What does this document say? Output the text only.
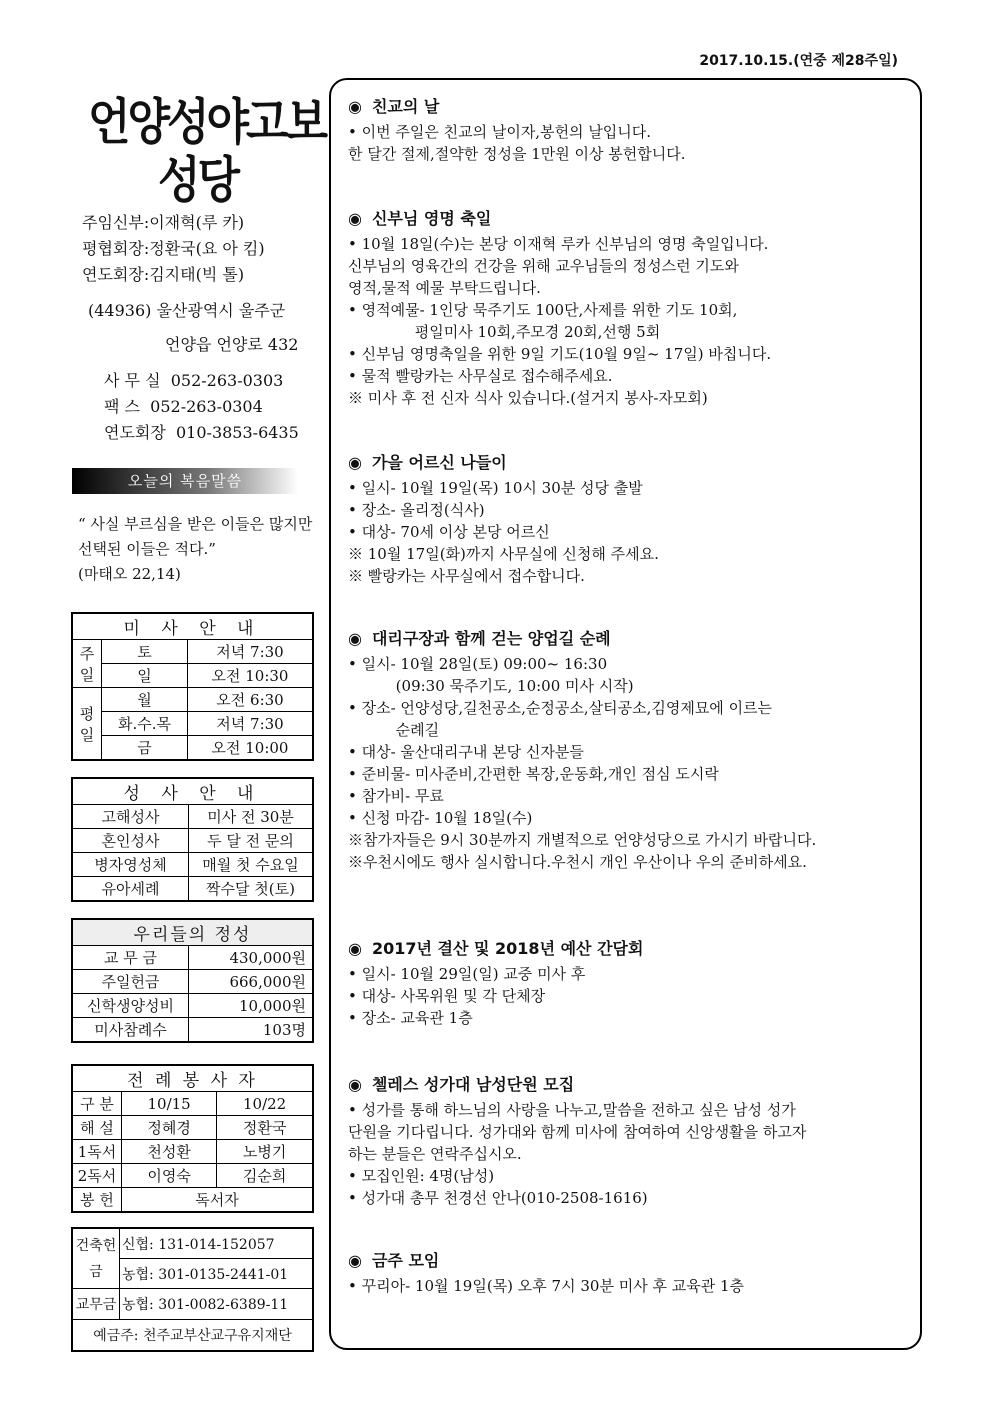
2017.10.15.(연중 제28주일)
언양성야고보
성당
주임신부:이재혁(루 카)
평협회장:정환국(요 아 킴)
연도회장:김지태(빅 톨)
(44936) 울산광역시 울주군
언양읍 언양로 432
사 무 실 052-263-0303
팩 스 052-263-0304
연도회장 010-3853-6435
오늘의 복음말씀
“ 사실 부르심을 받은 이들은 많지만 선택된 이들은 적다.”
(마태오 22,14)
미 사 안 내		
주일	토	저녁 7:30
	일	오전 10:30
평일	월	오전 6:30
	화.수.목	저녁 7:30
	금	오전 10:00
성 사 안 내	
고해성사	미사 전 30분
혼인성사	두 달 전 문의
병자영성체	매월 첫 수요일
유아세례	짝수달 첫(토)
우리들의 정성	
교 무 금	430,000원
주일헌금	666,000원
신학생양성비	10,000원
미사참례수	103명
전 례 봉 사 자		
구 분	10/15	10/22
해 설	정혜경	정환국
1독서	천성환	노병기
2독서	이영숙	김순희
봉 헌	독서자	
건축헌금	신협: 131-014-152057
	농협: 301-0135-2441-01
교무금	농협: 301-0082-6389-11
예금주: 천주교부산교구유지재단	
◉ 친교의 날
• 이번 주일은 친교의 날이자,봉헌의 날입니다.
한 달간 절제,절약한 정성을 1만원 이상 봉헌합니다.
◉ 신부님 영명 축일
• 10월 18일(수)는 본당 이재혁 루카 신부님의 영명 축일입니다.
신부님의 영육간의 건강을 위해 교우님들의 정성스런 기도와
영적,물적 예물 부탁드립니다.
• 영적예물- 1인당 묵주기도 100단,사제를 위한 기도 10회,
평일미사 10회,주모경 20회,선행 5회
• 신부님 영명축일을 위한 9일 기도(10월 9일~ 17일) 바칩니다.
• 물적 빨랑카는 사무실로 접수해주세요.
※ 미사 후 전 신자 식사 있습니다.(설거지 봉사-자모회)
◉ 가을 어르신 나들이
• 일시- 10월 19일(목) 10시 30분 성당 출발
• 장소- 올리정(식사)
• 대상- 70세 이상 본당 어르신
※ 10월 17일(화)까지 사무실에 신청해 주세요.
※ 빨랑카는 사무실에서 접수합니다.
◉ 대리구장과 함께 걷는 양업길 순례
• 일시- 10월 28일(토) 09:00~ 16:30
(09:30 묵주기도, 10:00 미사 시작)
• 장소- 언양성당,길천공소,순정공소,살티공소,김영제묘에 이르는
순례길
• 대상- 울산대리구내 본당 신자분들
• 준비물- 미사준비,간편한 복장,운동화,개인 점심 도시락
• 참가비- 무료
• 신청 마감- 10월 18일(수)
※참가자들은 9시 30분까지 개별적으로 언양성당으로 가시기 바랍니다.
※우천시에도 행사 실시합니다.우천시 개인 우산이나 우의 준비하세요.
◉ 2017년 결산 및 2018년 예산 간담회
• 일시- 10월 29일(일) 교중 미사 후
• 대상- 사목위원 및 각 단체장
• 장소- 교육관 1층
◉ 첼레스 성가대 남성단원 모집
• 성가를 통해 하느님의 사랑을 나누고,말씀을 전하고 싶은 남성 성가
단원을 기다립니다. 성가대와 함께 미사에 참여하여 신앙생활을 하고자
하는 분들은 연락주십시오.
• 모집인원: 4명(남성)
• 성가대 총무 천경선 안나(010-2508-1616)
◉ 금주 모임
• 꾸리아- 10월 19일(목) 오후 7시 30분 미사 후 교육관 1층
